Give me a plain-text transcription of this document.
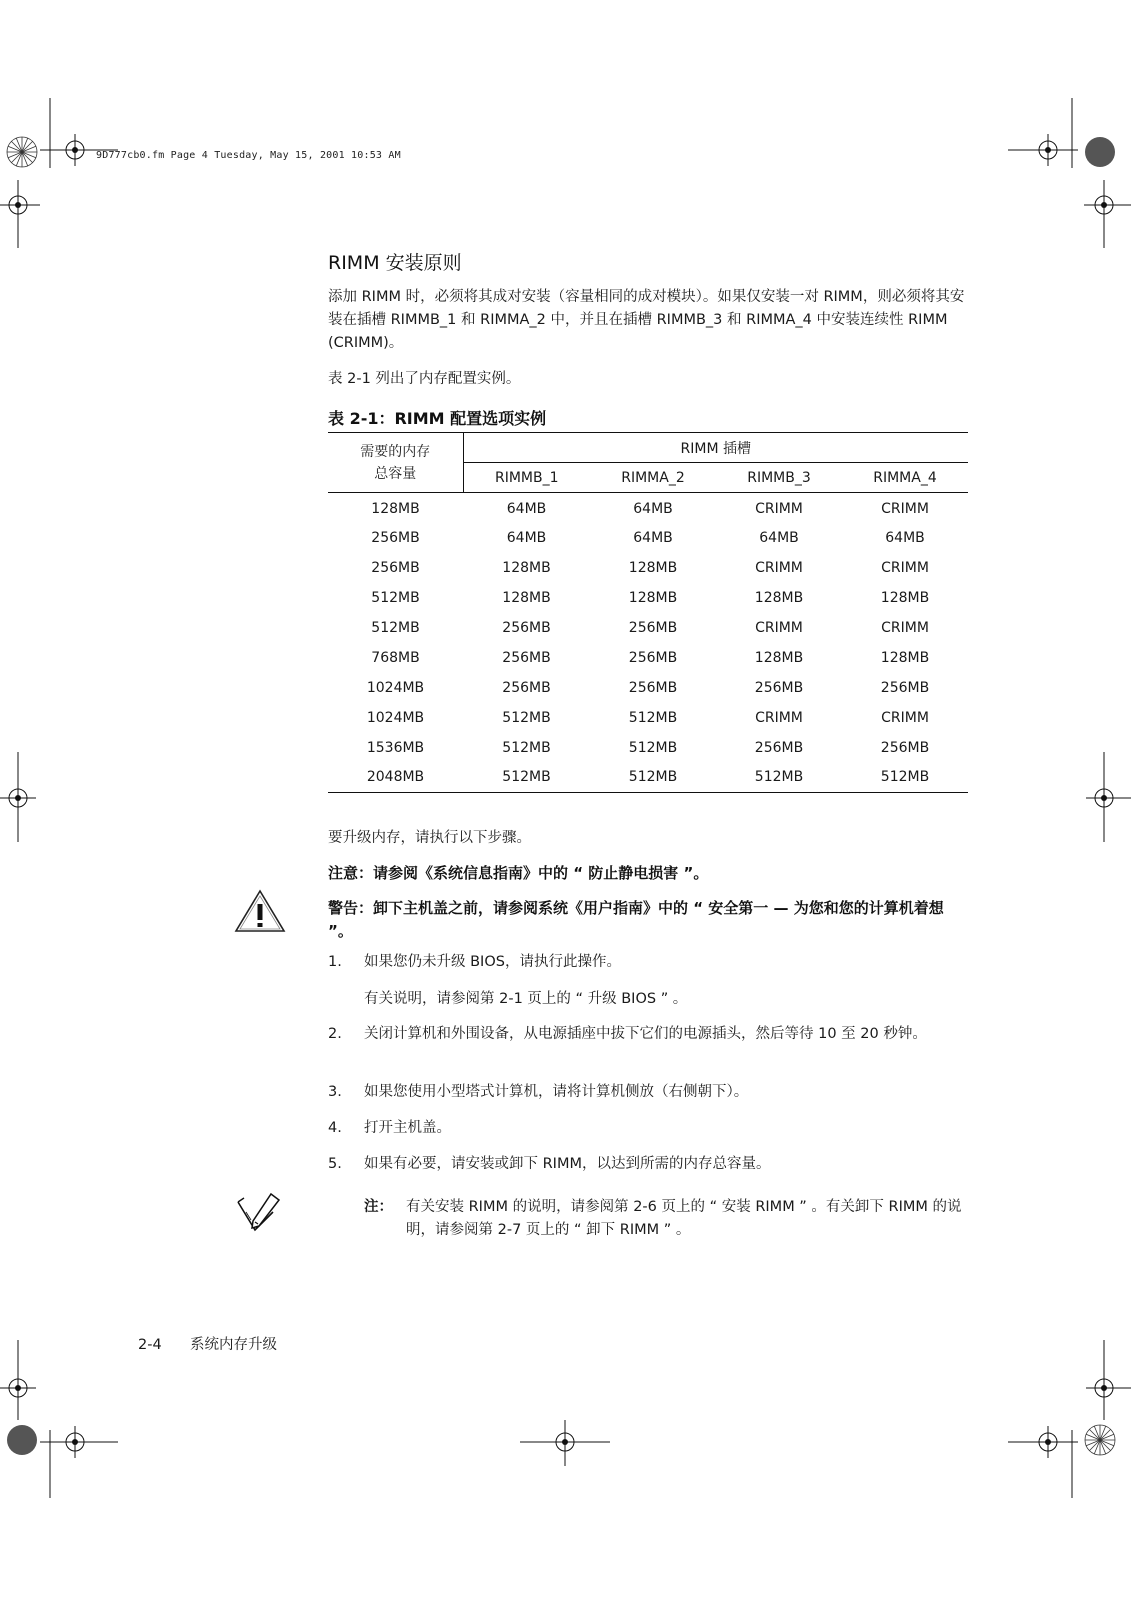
9D777cb0.fm Page 4 Tuesday, May 15, 2001 10:53 AM
RIMM 安装原则

添加 RIMM 时，必须将其成对安装（容量相同的成对模块）。如果仅安装一对 RIMM，则必须将其安装在插槽 RIMMB_1 和 RIMMA_2 中，并且在插槽 RIMMB_3 和 RIMMA_4 中安装连续性 RIMM (CRIMM)。

表 2-1 列出了内存配置实例。

表 2-1：RIMM 配置选项实例
需要的内存
总容量	RIMM 插槽			
	RIMMB_1	RIMMA_2	RIMMB_3	RIMMA_4
128MB	64MB	64MB	CRIMM	CRIMM
256MB	64MB	64MB	64MB	64MB
256MB	128MB	128MB	CRIMM	CRIMM
512MB	128MB	128MB	128MB	128MB
512MB	256MB	256MB	CRIMM	CRIMM
768MB	256MB	256MB	128MB	128MB
1024MB	256MB	256MB	256MB	256MB
1024MB	512MB	512MB	CRIMM	CRIMM
1536MB	512MB	512MB	256MB	256MB
2048MB	512MB	512MB	512MB	512MB
要升级内存，请执行以下步骤。
注意：请参阅《系统信息指南》中的 “ 防止静电损害 ”。
警告：卸下主机盖之前，请参阅系统《用户指南》中的 “ 安全第一 — 为您和您的计算机着想 ”。
1.	如果您仍未升级 BIOS，请执行此操作。
2.	关闭计算机和外围设备，从电源插座中拔下它们的电源插头，然后等待 10 至 20 秒钟。
3.	如果您使用小型塔式计算机，请将计算机侧放（右侧朝下）。
4.	打开主机盖。
5.	如果有必要，请安装或卸下 RIMM，以达到所需的内存总容量。
有关说明，请参阅第 2-1 页上的 “ 升级 BIOS ” 。
注： 有关安装 RIMM 的说明，请参阅第 2-6 页上的 “ 安装 RIMM ” 。有关卸下 RIMM 的说明，请参阅第 2-7 页上的 “ 卸下 RIMM ” 。
2-4 系统内存升级
